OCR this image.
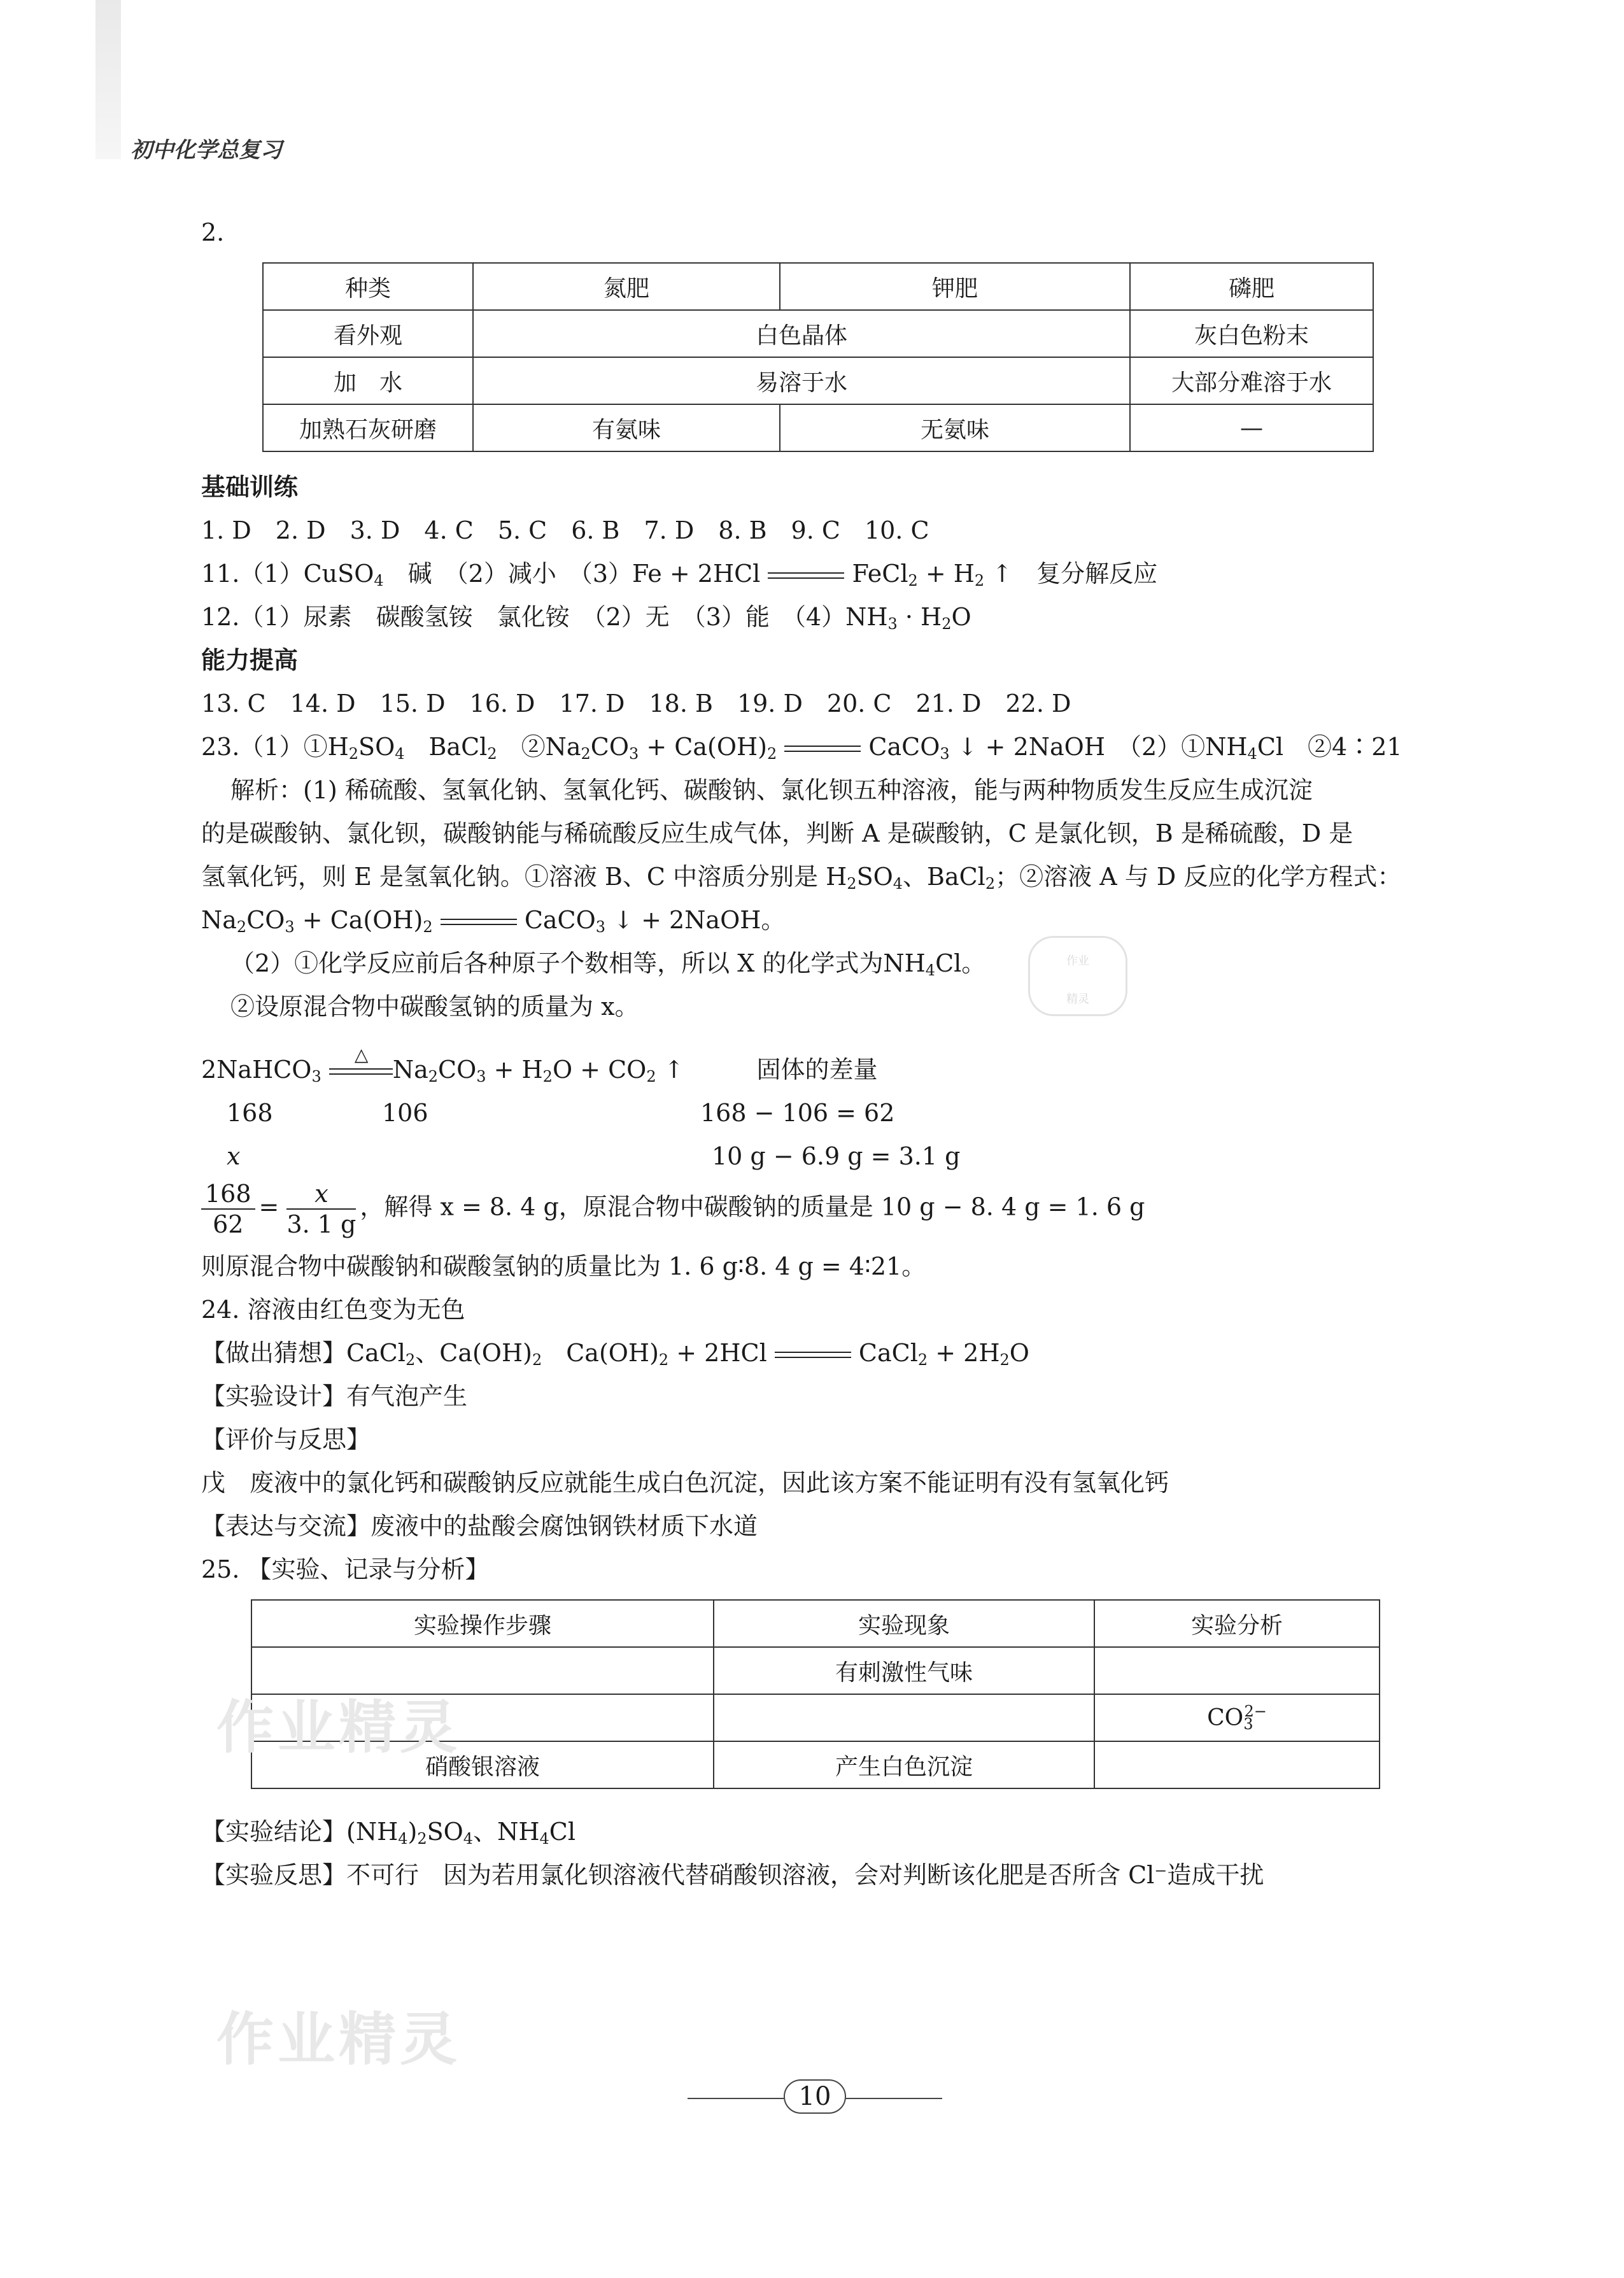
初中化学总复习
2.
种类	氮肥	钾肥	磷肥
看外观	白色晶体		灰白色粉末
加　水	易溶于水		大部分难溶于水
加熟石灰研磨	有氨味	无氨味	—
基础训练
1. D　2. D　3. D　4. C　5. C　6. B　7. D　8. B　9. C　10. C
11.（1）CuSO$_4$　碱　（2）减小　（3）Fe + 2HCl	FeCl$_2$ + $H_2$ ↑　复分解反应
12.（1）尿素　碳酸氢铵　氯化铵　（2）无　（3）能　$(4)NH_3 \cdot H_2O$
能力提高
13. C　14. D　15. D　16. D　17. D　18. B　19. D　20. C　21. D　22. D
$23.(1)①H_2SO_4$　BaCl$_2$　$②Na_2CO_3 + Ca(OH)_2$	CaCO$_3$ ↓ + 2NaOH　$(2)①NH_4Cl$　②4∶21
解析：(1) 稀硫酸、氢氧化钠、氢氧化钙、碳酸钠、氯化钡五种溶液，能与两种物质发生反应生成沉淀
的是碳酸钠、氯化钡，碳酸钠能与稀硫酸反应生成气体，判断 A 是碳酸钠，C 是氯化钡，B 是稀硫酸，D 是
氢氧化钙，则 E 是氢氧化钠。①溶液 B、C 中溶质分别是 $H_2SO_4$、BaCl$_2$；②溶液 A 与 D 反应的化学方程式：
$Na_2CO_3 + Ca(OH)_2$	CaCO$_3$ ↓ + 2NaOH。
（2）①化学反应前后各种原子个数相等，所以 X 的化学式为$NH_4Cl$。
②设原混合物中碳酸氢钠的质量为 x。
2NaHCO$_3$
△
$Na_2CO_3 + H_2O + CO_2$ ↑　　　固体的差量
168	106	168 − 106 = 62
x	10 g − 6.9 g = 3.1 g
$\frac{168}{62} = \frac{x}{3. 1 g}$ ，解得 x = 8. 4 g，原混合物中碳酸钠的质量是 10 g − 8. 4 g = 1. 6 g
则原混合物中碳酸钠和碳酸氢钠的质量比为 1. 6 g∶8. 4 g = 4∶21。
24. 溶液由红色变为无色
【做出猜想】CaCl$_2$、$Ca(OH)_2$　$Ca(OH)_2 + 2HCl$	CaCl$_2$ + $2H_2O$
【实验设计】有气泡产生
【评价与反思】
戊　废液中的氯化钙和碳酸钠反应就能生成白色沉淀，因此该方案不能证明有没有氢氧化钙
【表达与交流】废液中的盐酸会腐蚀钢铁材质下水道
25. 【实验、记录与分析】
实验操作步骤	实验现象	实验分析
	有刺激性气味	
		$CO_3^{2-}$
硝酸银溶液	产生白色沉淀	
【实验结论】$(NH_4)_2SO_4$、$NH_4Cl$
【实验反思】不可行　因为若用氯化钡溶液代替硝酸钡溶液，会对判断该化肥是否所含 Cl⁻造成干扰
作业精灵
作业精灵
作业
精灵
10
